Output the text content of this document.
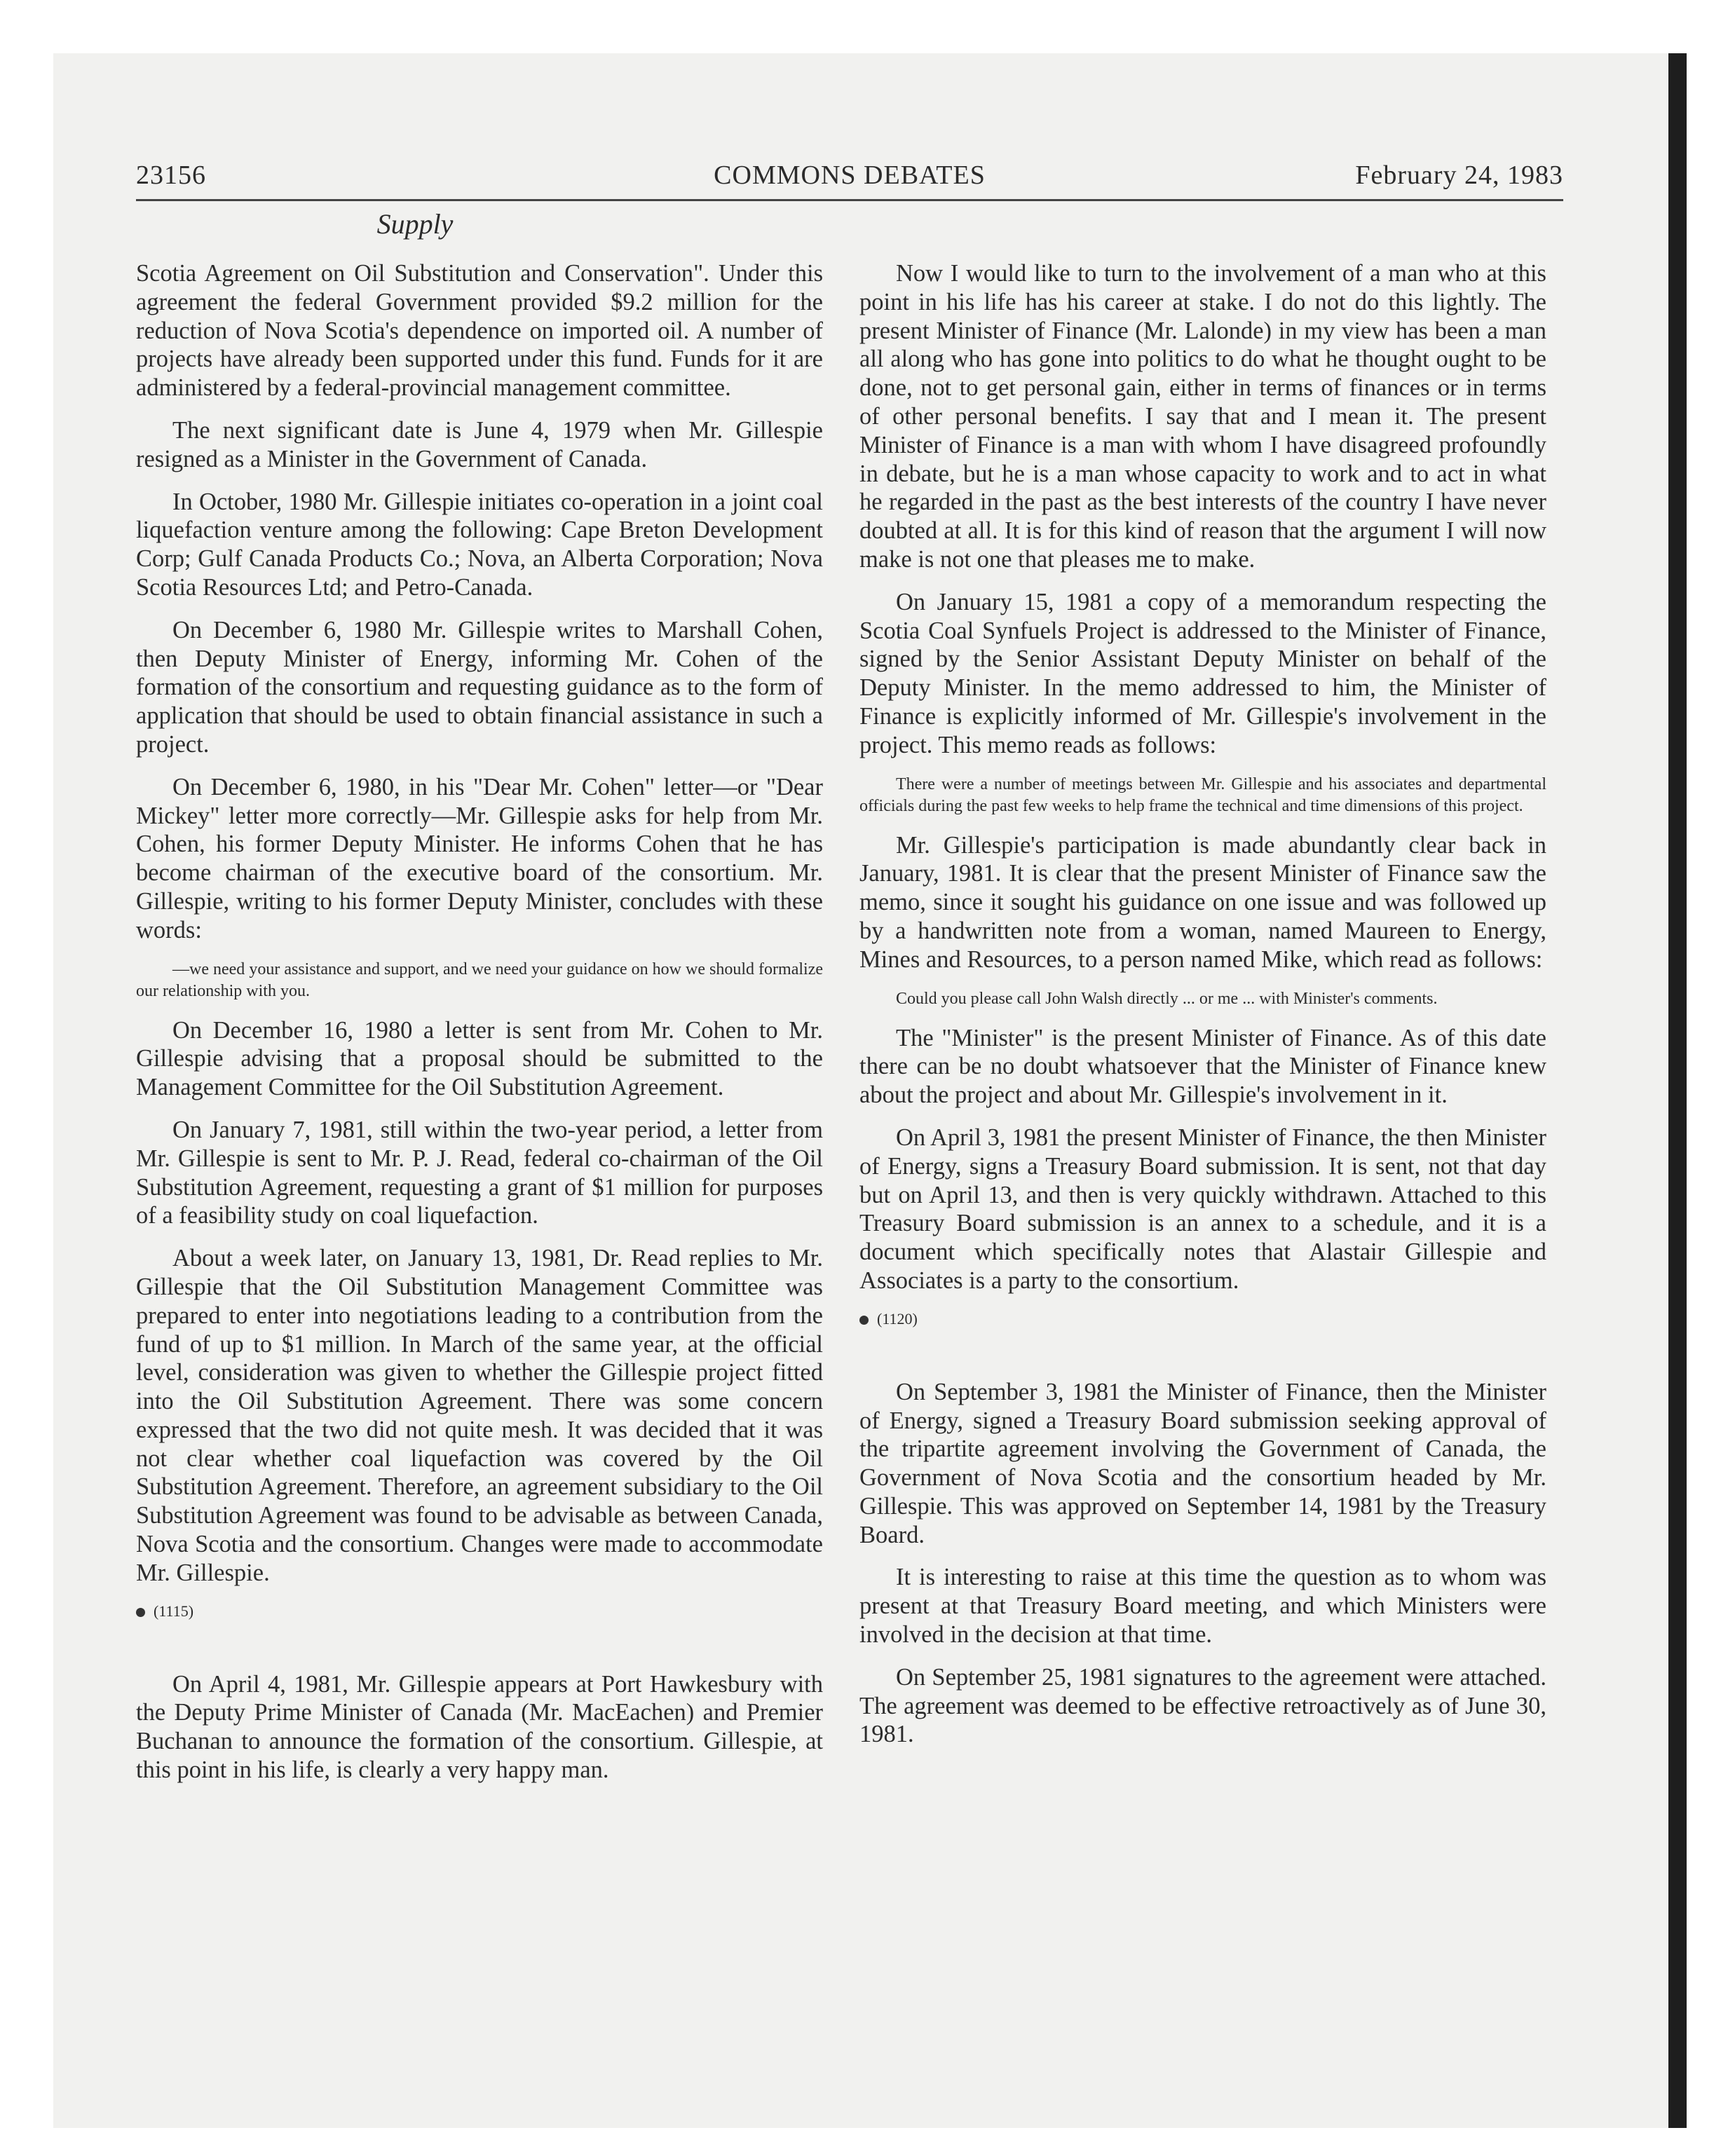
23156	COMMONS DEBATES	February 24, 1983
Supply

Scotia Agreement on Oil Substitution and Conservation". Under this agreement the federal Government provided $9.2 million for the reduction of Nova Scotia's dependence on imported oil. A number of projects have already been supported under this fund. Funds for it are administered by a federal-provincial management committee.

The next significant date is June 4, 1979 when Mr. Gillespie resigned as a Minister in the Government of Canada.

In October, 1980 Mr. Gillespie initiates co-operation in a joint coal liquefaction venture among the following: Cape Breton Development Corp; Gulf Canada Products Co.; Nova, an Alberta Corporation; Nova Scotia Resources Ltd; and Petro-Canada.

On December 6, 1980 Mr. Gillespie writes to Marshall Cohen, then Deputy Minister of Energy, informing Mr. Cohen of the formation of the consortium and requesting guidance as to the form of application that should be used to obtain financial assistance in such a project.

On December 6, 1980, in his "Dear Mr. Cohen" letter—or "Dear Mickey" letter more correctly—Mr. Gillespie asks for help from Mr. Cohen, his former Deputy Minister. He informs Cohen that he has become chairman of the executive board of the consortium. Mr. Gillespie, writing to his former Deputy Minister, concludes with these words:

—we need your assistance and support, and we need your guidance on how we should formalize our relationship with you.

On December 16, 1980 a letter is sent from Mr. Cohen to Mr. Gillespie advising that a proposal should be submitted to the Management Committee for the Oil Substitution Agreement.

On January 7, 1981, still within the two-year period, a letter from Mr. Gillespie is sent to Mr. P. J. Read, federal co-chairman of the Oil Substitution Agreement, requesting a grant of $1 million for purposes of a feasibility study on coal liquefaction.

About a week later, on January 13, 1981, Dr. Read replies to Mr. Gillespie that the Oil Substitution Management Committee was prepared to enter into negotiations leading to a contribution from the fund of up to $1 million. In March of the same year, at the official level, consideration was given to whether the Gillespie project fitted into the Oil Substitution Agreement. There was some concern expressed that the two did not quite mesh. It was decided that it was not clear whether coal liquefaction was covered by the Oil Substitution Agreement. Therefore, an agreement subsidiary to the Oil Substitution Agreement was found to be advisable as between Canada, Nova Scotia and the consortium. Changes were made to accommodate Mr. Gillespie.

(1115)

On April 4, 1981, Mr. Gillespie appears at Port Hawkesbury with the Deputy Prime Minister of Canada (Mr. MacEachen) and Premier Buchanan to announce the formation of the consortium. Gillespie, at this point in his life, is clearly a very happy man.

Now I would like to turn to the involvement of a man who at this point in his life has his career at stake. I do not do this lightly. The present Minister of Finance (Mr. Lalonde) in my view has been a man all along who has gone into politics to do what he thought ought to be done, not to get personal gain, either in terms of finances or in terms of other personal benefits. I say that and I mean it. The present Minister of Finance is a man with whom I have disagreed profoundly in debate, but he is a man whose capacity to work and to act in what he regarded in the past as the best interests of the country I have never doubted at all. It is for this kind of reason that the argument I will now make is not one that pleases me to make.

On January 15, 1981 a copy of a memorandum respecting the Scotia Coal Synfuels Project is addressed to the Minister of Finance, signed by the Senior Assistant Deputy Minister on behalf of the Deputy Minister. In the memo addressed to him, the Minister of Finance is explicitly informed of Mr. Gillespie's involvement in the project. This memo reads as follows:

There were a number of meetings between Mr. Gillespie and his associates and departmental officials during the past few weeks to help frame the technical and time dimensions of this project.

Mr. Gillespie's participation is made abundantly clear back in January, 1981. It is clear that the present Minister of Finance saw the memo, since it sought his guidance on one issue and was followed up by a handwritten note from a woman, named Maureen to Energy, Mines and Resources, to a person named Mike, which read as follows:

Could you please call John Walsh directly ... or me ... with Minister's comments.

The "Minister" is the present Minister of Finance. As of this date there can be no doubt whatsoever that the Minister of Finance knew about the project and about Mr. Gillespie's involvement in it.

On April 3, 1981 the present Minister of Finance, the then Minister of Energy, signs a Treasury Board submission. It is sent, not that day but on April 13, and then is very quickly withdrawn. Attached to this Treasury Board submission is an annex to a schedule, and it is a document which specifically notes that Alastair Gillespie and Associates is a party to the consortium.

(1120)

On September 3, 1981 the Minister of Finance, then the Minister of Energy, signed a Treasury Board submission seeking approval of the tripartite agreement involving the Government of Canada, the Government of Nova Scotia and the consortium headed by Mr. Gillespie. This was approved on September 14, 1981 by the Treasury Board.

It is interesting to raise at this time the question as to whom was present at that Treasury Board meeting, and which Ministers were involved in the decision at that time.

On September 25, 1981 signatures to the agreement were attached. The agreement was deemed to be effective retroactively as of June 30, 1981.
